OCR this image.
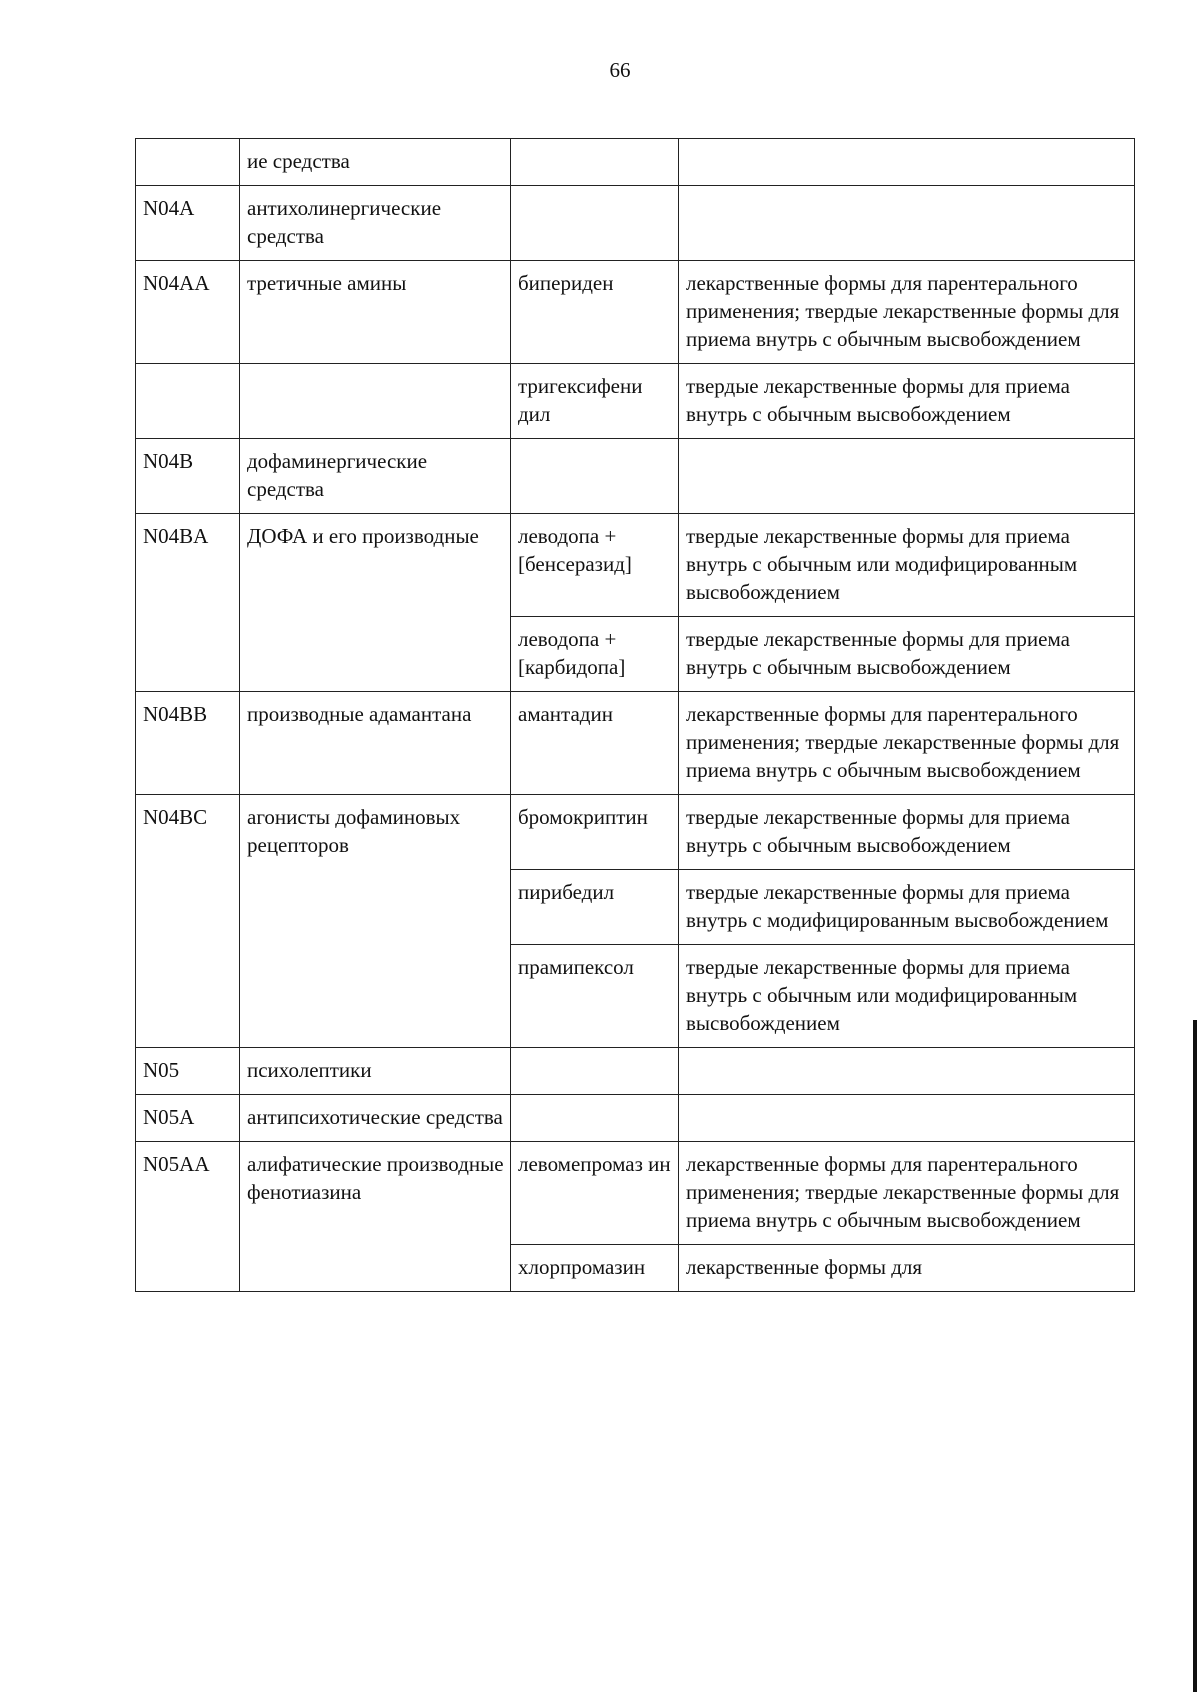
66
	ие средства		
N04A	антихолинергические средства		
N04AA	третичные амины	бипериден	лекарственные формы для парентерального применения; твердые лекарственные формы для приема внутрь с обычным высвобождением
		тригексифени дил	твердые лекарственные формы для приема внутрь с обычным высвобождением
N04B	дофаминергические средства		
N04BA	ДОФА и его производные	леводопа + [бенсеразид]	твердые лекарственные формы для приема внутрь с обычным или модифицированным высвобождением
		леводопа + [карбидопа]	твердые лекарственные формы для приема внутрь с обычным высвобождением
N04BB	производные адамантана	амантадин	лекарственные формы для парентерального применения; твердые лекарственные формы для приема внутрь с обычным высвобождением
N04BC	агонисты дофаминовых рецепторов	бромокриптин	твердые лекарственные формы для приема внутрь с обычным высвобождением
		пирибедил	твердые лекарственные формы для приема внутрь с модифицированным высвобождением
		прамипексол	твердые лекарственные формы для приема внутрь с обычным или модифицированным высвобождением
N05	психолептики		
N05A	антипсихотические средства		
N05AA	алифатические производные фенотиазина	левомепромаз ин	лекарственные формы для парентерального применения; твердые лекарственные формы для приема внутрь с обычным высвобождением
		хлорпромазин	лекарственные формы для
